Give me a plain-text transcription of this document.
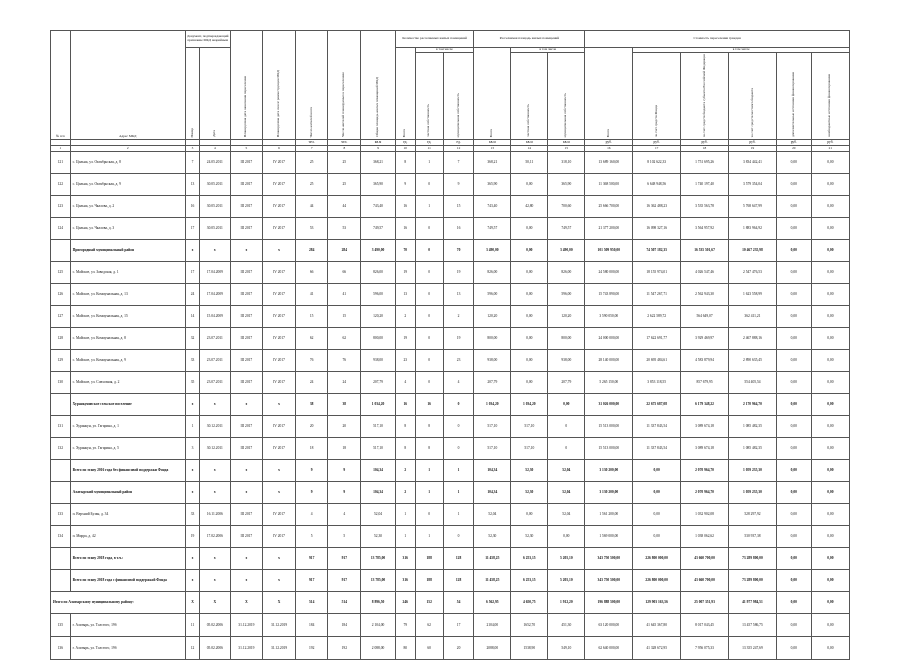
№ п/п	Адрес МКД	Документ, подтверждающий признание МКД аварийным		Планируемая дата окончания переселения	Планируемая дата сноса/ реконструкции МКД	Число жителей всего	Число жителей планируемых к переселению	Общая площадь жилых помещений МКД	Количество расселяемых жилых помещений			Расселяемая площадь жилых помещений			Стоимость переселения граждан					
		Номер	Дата						Всего	в том числе		Всего	в том числе		Всего	в том числе				
										частная собственность	муниципальная собственность		частная собственность	муниципальная собственность		за счет средств Фонда	за счет средств бюджета субъекта Российской Федерации	за счет средств местного бюджета	дополнительные источники финансирования	внебюджетные источники финансирования
						чел.	чел.	кв.м	ед.	ед.	ед.	кв.м	кв.м	кв.м	руб.	руб.	руб.	руб.	руб.	руб.
1	2	3	4	5	6	7	8	9	10	11	12	13	14	15	16	17	18	19	20	21
121	с. Цильна, ул. Октябрьская, д. 8	7	24.05.2011	III 2017	IV 2017	25	25	368,21	8	1	7	368,21	50,11	318,10	13 689 160,00	8 102 622,33	1 751 695,26	3 834 442,41	0,00	0,00
122	с. Цильна, ул. Октябрьская, д. 9	13	30.05.2011	III 2017	IV 2017	25	25	365,90	9	0	9	365,90	0,00	365,90	11 368 500,00	6 648 948,56	1 740 197,40	3 579 354,04	0,00	0,00
123	с. Цильна, ул. Чкалова, д. 2	16	30.05.2011	III 2017	IV 2017	44	44	743,40	16	1	15	743,40	42,80	700,60	25 666 700,00	16 362 488,23	3 535 563,78	5 768 647,99	0,00	0,00
124	с. Цильна, ул. Чкалова, д. 3	17	30.05.2011	III 2017	IV 2017	53	53	749,57	16	0	16	749,57	0,00	749,57	21 377 200,00	16 098 327,16	3 564 957,92	1 883 964,92	0,00	0,00
	Пригородный муниципальный район	x	x	x	x	284	284	3 490,00	70	0	70	3 490,00	0,00	3 490,00	101 509 950,00	74 507 182,35	16 535 501,67	10 467 235,98	0,00	0,00
125	с. Майское, ул. Заводская, д. 1	17	17.04.2009	III 2017	IV 2017	66	66	826,00	19	0	19	826,00	0,00	826,00	24 580 000,00	18 155 974,01	4 026 547,46	2 547 476,53	0,00	0,00
126	с. Майское, ул. Коммунальная, д. 13	24	17.04.2009	III 2017	IV 2017	41	41	596,00	13	0	13	596,00	0,00	596,00	15 743 890,00	11 547 267,71	2 562 943,30	1 623 558,99	0,00	0,00
127	с. Майское, ул. Коммунальная, д. 15	14	15.04.2009	III 2017	IV 2017	15	15	120,20	2	0	2	120,20	0,00	120,20	3 590 050,00	2 622 589,72	564 649,07	362 411,21	0,00	0,00
128	с. Майское, ул. Коммунальная, д. 8	32	23.07.2011	III 2017	IV 2017	62	62	800,00	19	0	19	800,00	0,00	800,00	24 000 000,00	17 622 691,77	3 929 469,97	2 467 888,16	0,00	0,00
129	с. Майское, ул. Коммунальная, д. 9	33	23.07.2011	III 2017	IV 2017	76	76	938,00	23	0	23	938,00	0,00	938,00	28 140 000,00	20 695 484,61	4 583 879,94	2 890 635,45	0,00	0,00
130	с. Майское, ул. Совхозная, д. 2	35	23.07.2011	III 2017	IV 2017	24	24	207,79	4	0	4	207,79	0,00	207,79	5 265 150,00	3 853 118,55	857 679,95	554 405,54	0,00	0,00
	Хуранкуновское сельское поселение	x	x	x	x	38	38	1 034,20	16	16	0	1 034,20	1 034,20	0,00	31 026 000,00	22 675 687,08	6 179 348,22	2 170 964,70	0,00	0,00
131	с. Хуранкун, ул. Гагарина, д. 1	1	30.12.2011	III 2017	IV 2017	20	20	517,10	8	8	0	517,10	517,10	0	15 513 000,00	11 337 843,54	3 089 674,18	1 085 482,35	0,00	0,00
132	с. Хуранкун, ул. Гагарина, д. 5	3	30.12.2011	III 2017	IV 2017	18	18	517,10	8	8	0	517,10	517,10	0	15 513 000,00	11 337 843,54	3 089 674,18	1 085 482,35	0,00	0,00
	Всего по этапу 2016 года без финансовой поддержки Фонда	x	x	x	x	9	9	104,34	2	1	1	104,34	52,30	52,04	3 130 200,00	0,00	2 070 964,70	1 059 235,30	0,00	0,00
	Алатырский муниципальный район	x	x	x	x	9	9	104,34	2	1	1	104,34	52,30	52,04	3 130 200,00	0,00	2 070 964,70	1 059 235,30	0,00	0,00
133	п. Верхний Бузан, д. 34	33	16.11.2006	III 2017	IV 2017	4	4	52,04	1	0	1	52,04	0,00	52,04	1 561 200,00	0,00	1 032 902,08	528 297,92	0,00	0,00
134	п. Мирра, д. 42	19	17.02.2006	III 2017	IV 2017	5	5	52,30	1	1	0	52,30	52,30	0,00	1 569 000,00	0,00	1 038 062,62	530 937,38	0,00	0,00
	Всего по этапу 2018 года, в т.ч.:	x	x	x	x	917	917	13 785,00	316	188	128	11 458,25	6 253,15	5 205,10	343 750 500,00	226 800 000,00	43 660 700,00	73 289 800,00	0,00	0,00
	Всего по этапу 2018 года с финансовой поддержкой Фонда	x	x	x	x	917	917	13 785,00	316	188	128	11 458,25	6 253,15	5 205,10	343 750 500,00	226 800 000,00	43 660 700,00	73 289 800,00	0,00	0,00
Итого по Алатырскому муниципальному району:		X	X	X	X	514	514	8 896,50	246	152	54	6 562,95	4 650,75	1 912,20	196 888 500,00	129 903 163,56	25 007 351,93	41 977 984,51	0,00	0,00
135	г. Алатырь, ул. Толстого, 19б	11	05.02.2006	31.12.2019	31.12.2019	184	184	2 104,00	79	62	17	2104,00	1652,70	451,30	63 120 000,00	41 645 367,80	8 017 043,45	13 457 586,75	0,00	0,00
136	г. Алатырь, ул. Толстого, 19б	12	05.02.2006	31.12.2019	31.12.2019	192	192	2 088,00	80	60	20	2088,00	1538,90	549,10	62 640 000,00	41 328 672,95	7 956 075,33	13 355 247,69	0,00	0,00
